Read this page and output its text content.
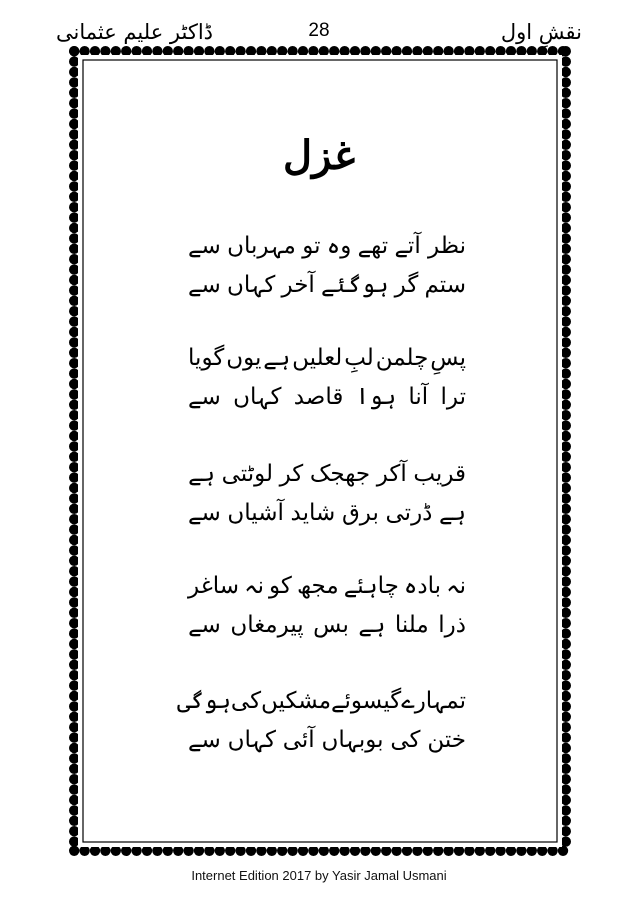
ڈاکٹر علیم عثمانی	28	نقشِ اول
غزل
نظر آتے
تھے
وہ
تو
مہرباں
سے
ستم
گر
ہوگئے
آخر
کہاں
سے
پسِ
چلمن
لبِ
لعلیں
ہے
یوں
گویا
ترا
آنا
ہوا
قاصد
کہاں
سے
قریب
آکر
جھجک
کر
لوٹتی
ہے
ہے
ڈرتی
برق
شاید
آشیاں
سے
نہ
بادہ
چاہئے
مجھ
کو
نہ
ساغر
ذرا
ملنا
ہے
بس
پیرمغاں
سے
تمہارے
گیسوئے
مشکیں
کی
ہوگی
ختن
کی
بوبہاں
آئی
کہاں
سے
Internet Edition 2017 by Yasir Jamal Usmani
